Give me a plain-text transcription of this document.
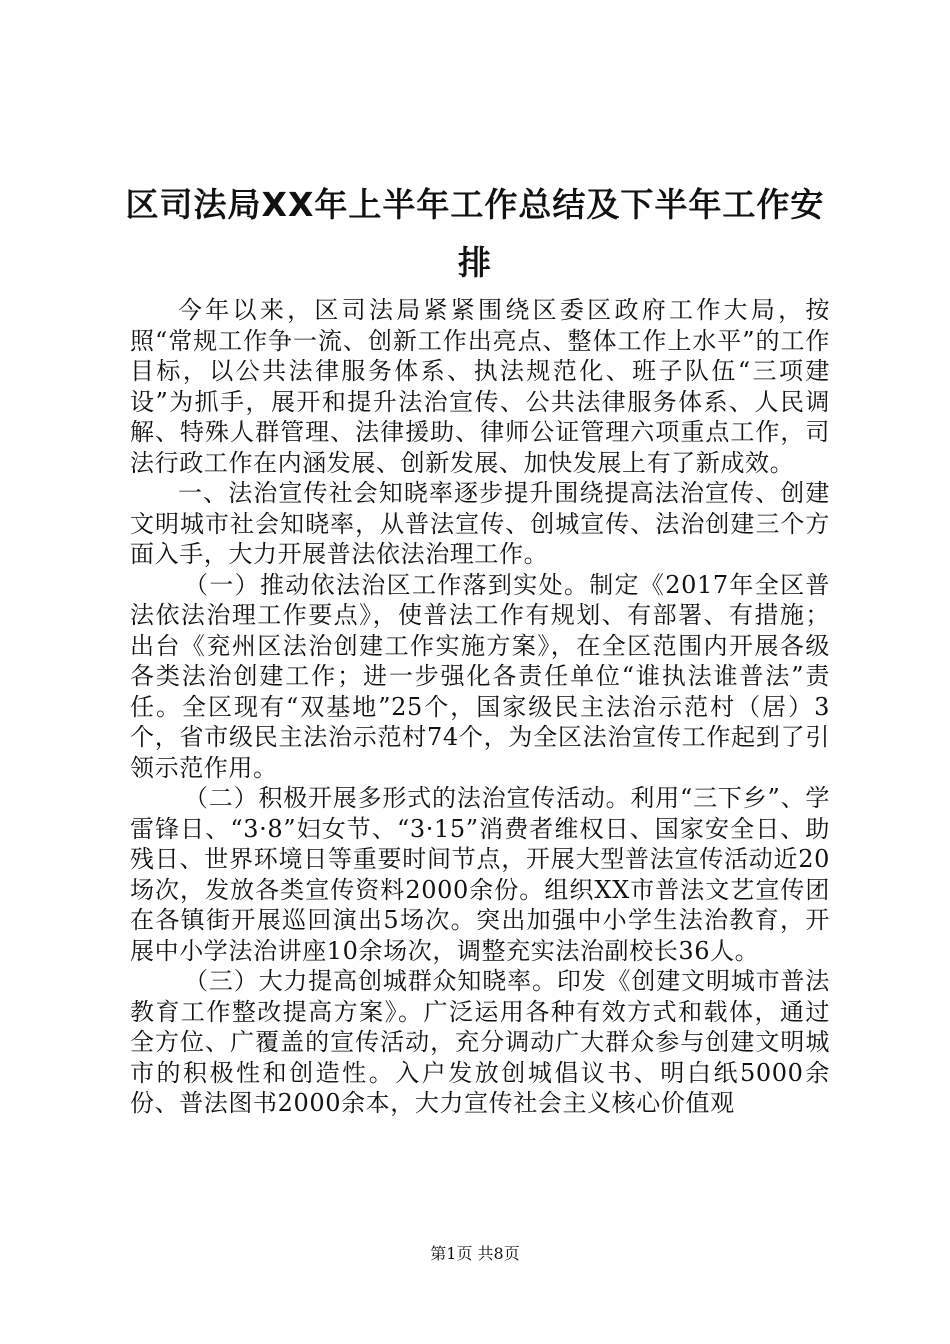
区司法局XX年上半年工作总结及下半年工作安排

今年以来，区司法局紧紧围绕区委区政府工作大局，按照“常规工作争一流、创新工作出亮点、整体工作上水平”的工作目标，以公共法律服务体系、执法规范化、班子队伍“三项建设”为抓手，展开和提升法治宣传、公共法律服务体系、人民调解、特殊人群管理、法律援助、律师公证管理六项重点工作，司法行政工作在内涵发展、创新发展、加快发展上有了新成效。

一、法治宣传社会知晓率逐步提升围绕提高法治宣传、创建文明城市社会知晓率，从普法宣传、创城宣传、法治创建三个方面入手，大力开展普法依法治理工作。

（一）推动依法治区工作落到实处。制定《2017年全区普法依法治理工作要点》，使普法工作有规划、有部署、有措施；出台《兖州区法治创建工作实施方案》，在全区范围内开展各级各类法治创建工作；进一步强化各责任单位“谁执法谁普法”责任。全区现有“双基地”25个，国家级民主法治示范村（居）3个，省市级民主法治示范村74个，为全区法治宣传工作起到了引领示范作用。

（二）积极开展多形式的法治宣传活动。利用“三下乡”、学雷锋日、“3·8”妇女节、“3·15”消费者维权日、国家安全日、助残日、世界环境日等重要时间节点，开展大型普法宣传活动近20场次，发放各类宣传资料2000余份。组织XX市普法文艺宣传团在各镇街开展巡回演出5场次。突出加强中小学生法治教育，开展中小学法治讲座10余场次，调整充实法治副校长36人。

（三）大力提高创城群众知晓率。印发《创建文明城市普法教育工作整改提高方案》。广泛运用各种有效方式和载体，通过全方位、广覆盖的宣传活动，充分调动广大群众参与创建文明城市的积极性和创造性。入户发放创城倡议书、明白纸5000余份、普法图书2000余本，大力宣传社会主义核心价值观

第1页 共8页
